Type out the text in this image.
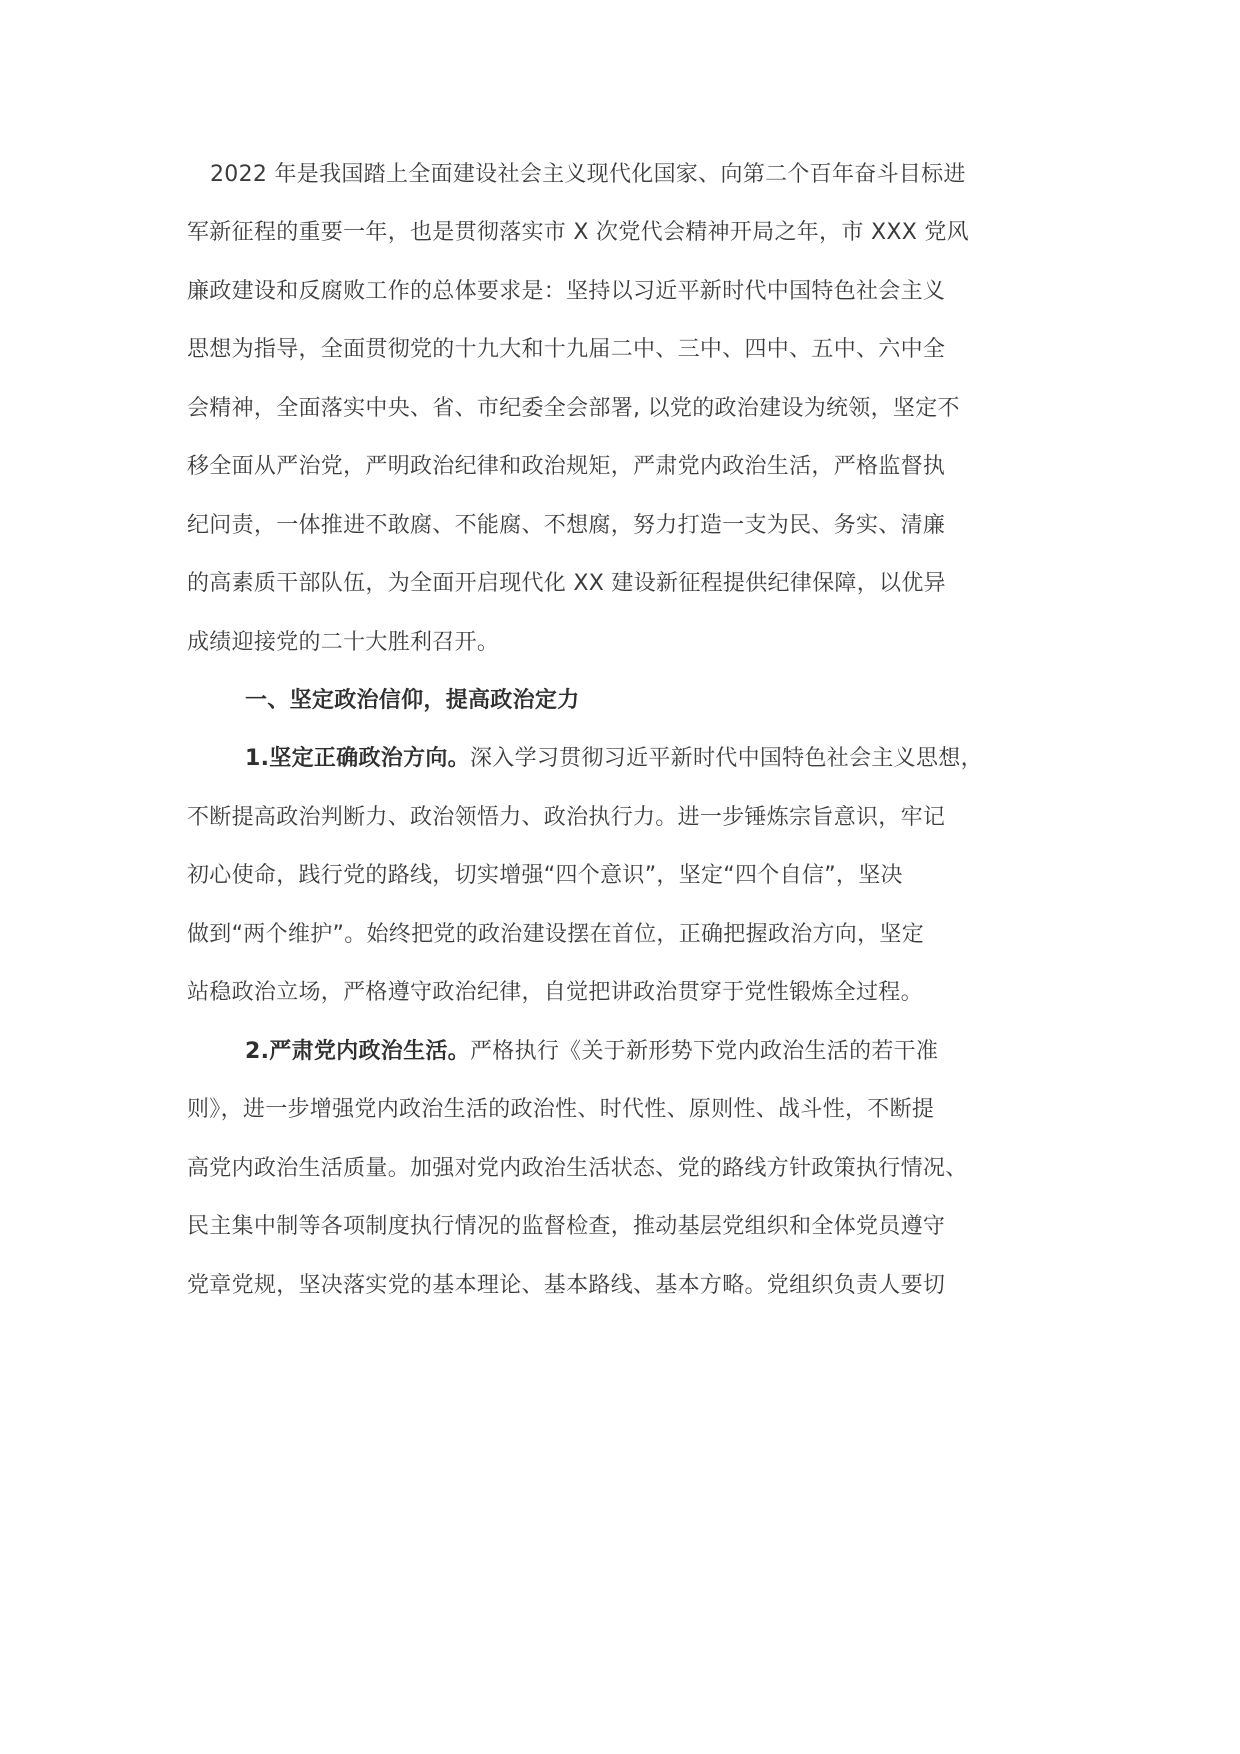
2022 年是我国踏上全面建设社会主义现代化国家、向第二个百年奋斗目标进
军新征程的重要一年，也是贯彻落实市 X 次党代会精神开局之年，市 XXX 党风
廉政建设和反腐败工作的总体要求是：坚持以习近平新时代中国特色社会主义
思想为指导，全面贯彻党的十九大和十九届二中、三中、四中、五中、六中全
会精神，全面落实中央、省、市纪委全会部署, 以党的政治建设为统领，坚定不
移全面从严治党，严明政治纪律和政治规矩，严肃党内政治生活，严格监督执
纪问责，一体推进不敢腐、不能腐、不想腐，努力打造一支为民、务实、清廉
的高素质干部队伍，为全面开启现代化 XX 建设新征程提供纪律保障，以优异
成绩迎接党的二十大胜利召开。
一、坚定政治信仰，提高政治定力
1.坚定正确政治方向。深入学习贯彻习近平新时代中国特色社会主义思想，
不断提高政治判断力、政治领悟力、政治执行力。进一步锤炼宗旨意识，牢记
初心使命，践行党的路线，切实增强“四个意识”，坚定“四个自信”，坚决
做到“两个维护”。始终把党的政治建设摆在首位，正确把握政治方向，坚定
站稳政治立场，严格遵守政治纪律，自觉把讲政治贯穿于党性锻炼全过程。
2.严肃党内政治生活。严格执行《关于新形势下党内政治生活的若干准
则》，进一步增强党内政治生活的政治性、时代性、原则性、战斗性，不断提
高党内政治生活质量。加强对党内政治生活状态、党的路线方针政策执行情况、
民主集中制等各项制度执行情况的监督检查，推动基层党组织和全体党员遵守
党章党规，坚决落实党的基本理论、基本路线、基本方略。党组织负责人要切
